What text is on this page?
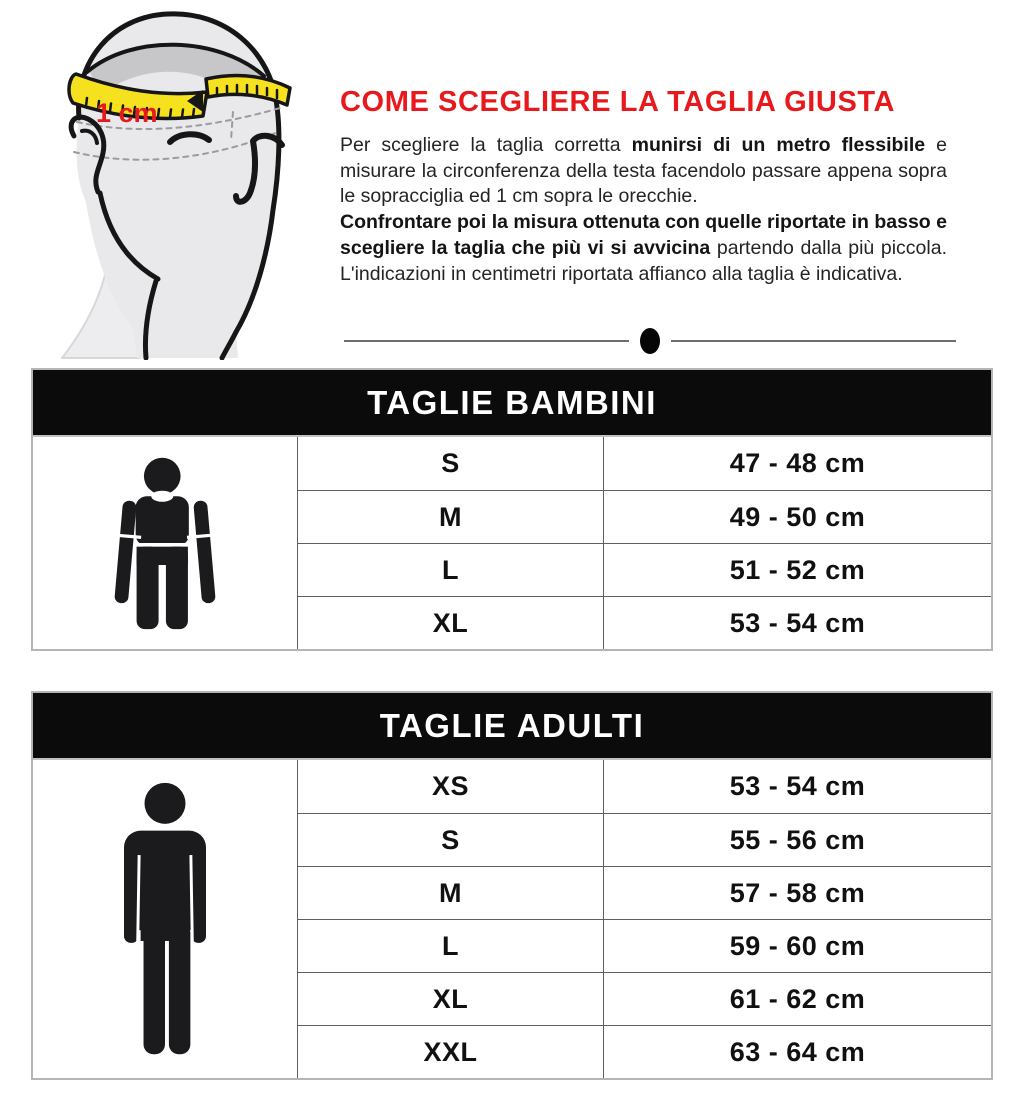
1 cm	COME SCEGLIERE LA TAGLIA GIUSTA

Per scegliere la taglia corretta munirsi di un metro flessibile e misurare la circonferenza della testa facendolo passare appena sopra le sopracciglia ed 1 cm sopra le orecchie.
Confrontare poi la misura ottenuta con quelle riportate in basso e scegliere la taglia che più vi si avvicina partendo dalla più piccola. L'indicazioni in centimetri riportata affianco alla taglia è indicativa.

TAGLIE BAMBINI
S	47 - 48 cm
M	49 - 50 cm
L	51 - 52 cm
XL	53 - 54 cm
TAGLIE ADULTI
XS	53 - 54 cm
S	55 - 56 cm
M	57 - 58 cm
L	59 - 60 cm
XL	61 - 62 cm
XXL	63 - 64 cm
